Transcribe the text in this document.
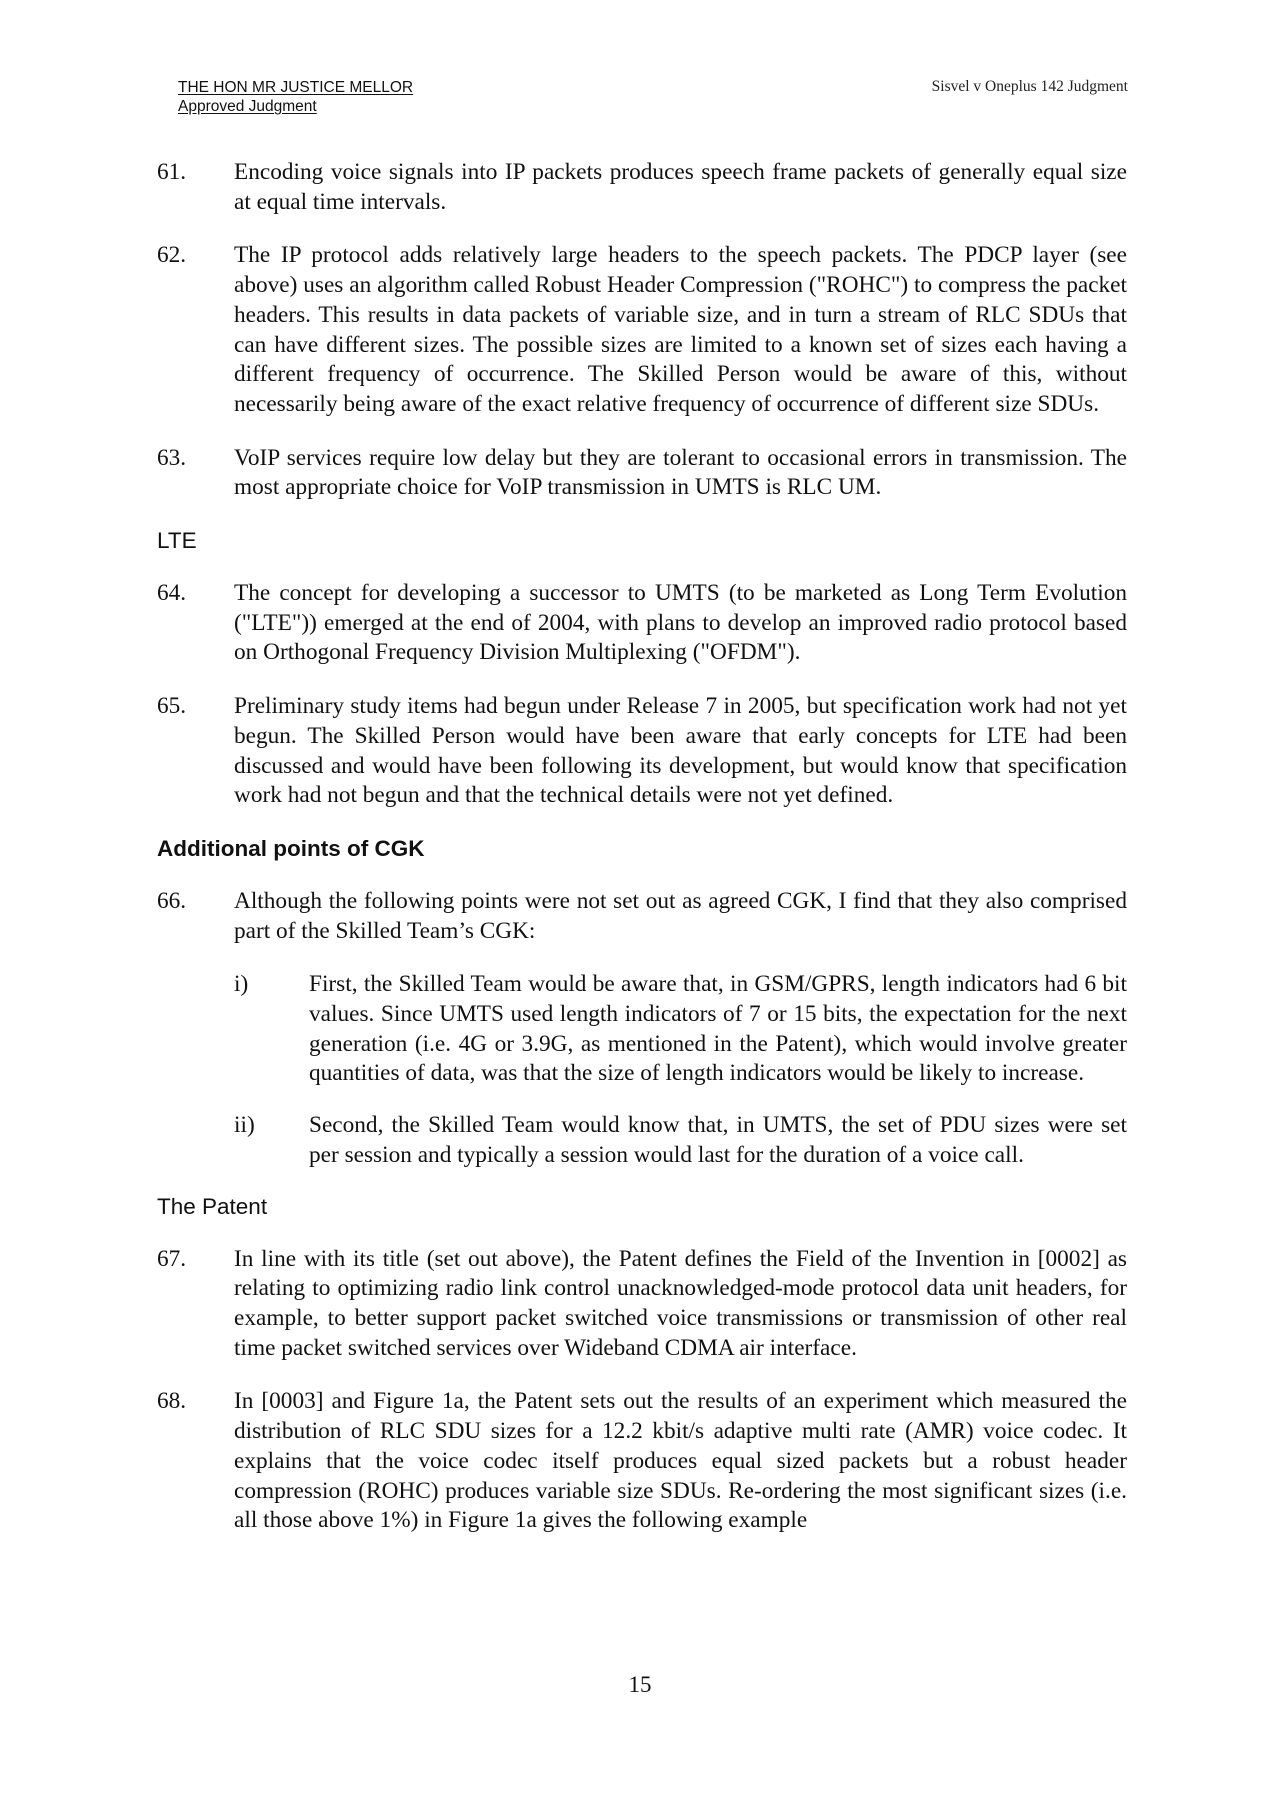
THE HON MR JUSTICE MELLOR
Approved Judgment
Sisvel v Oneplus 142 Judgment
61.	Encoding voice signals into IP packets produces speech frame packets of generally equal size at equal time intervals.
62.	The IP protocol adds relatively large headers to the speech packets. The PDCP layer (see above) uses an algorithm called Robust Header Compression ("ROHC") to compress the packet headers. This results in data packets of variable size, and in turn a stream of RLC SDUs that can have different sizes. The possible sizes are limited to a known set of sizes each having a different frequency of occurrence. The Skilled Person would be aware of this, without necessarily being aware of the exact relative frequency of occurrence of different size SDUs.
63.	VoIP services require low delay but they are tolerant to occasional errors in transmission. The most appropriate choice for VoIP transmission in UMTS is RLC UM.
LTE
64.	The concept for developing a successor to UMTS (to be marketed as Long Term Evolution ("LTE")) emerged at the end of 2004, with plans to develop an improved radio protocol based on Orthogonal Frequency Division Multiplexing ("OFDM").
65.	Preliminary study items had begun under Release 7 in 2005, but specification work had not yet begun. The Skilled Person would have been aware that early concepts for LTE had been discussed and would have been following its development, but would know that specification work had not begun and that the technical details were not yet defined.
Additional points of CGK
66.	Although the following points were not set out as agreed CGK, I find that they also comprised part of the Skilled Team’s CGK:
i)	First, the Skilled Team would be aware that, in GSM/GPRS, length indicators had 6 bit values. Since UMTS used length indicators of 7 or 15 bits, the expectation for the next generation (i.e. 4G or 3.9G, as mentioned in the Patent), which would involve greater quantities of data, was that the size of length indicators would be likely to increase.
ii)	Second, the Skilled Team would know that, in UMTS, the set of PDU sizes were set per session and typically a session would last for the duration of a voice call.
The Patent
67.	In line with its title (set out above), the Patent defines the Field of the Invention in [0002] as relating to optimizing radio link control unacknowledged-mode protocol data unit headers, for example, to better support packet switched voice transmissions or transmission of other real time packet switched services over Wideband CDMA air interface.
68.	In [0003] and Figure 1a, the Patent sets out the results of an experiment which measured the distribution of RLC SDU sizes for a 12.2 kbit/s adaptive multi rate (AMR) voice codec. It explains that the voice codec itself produces equal sized packets but a robust header compression (ROHC) produces variable size SDUs. Re-ordering the most significant sizes (i.e. all those above 1%) in Figure 1a gives the following example
15
